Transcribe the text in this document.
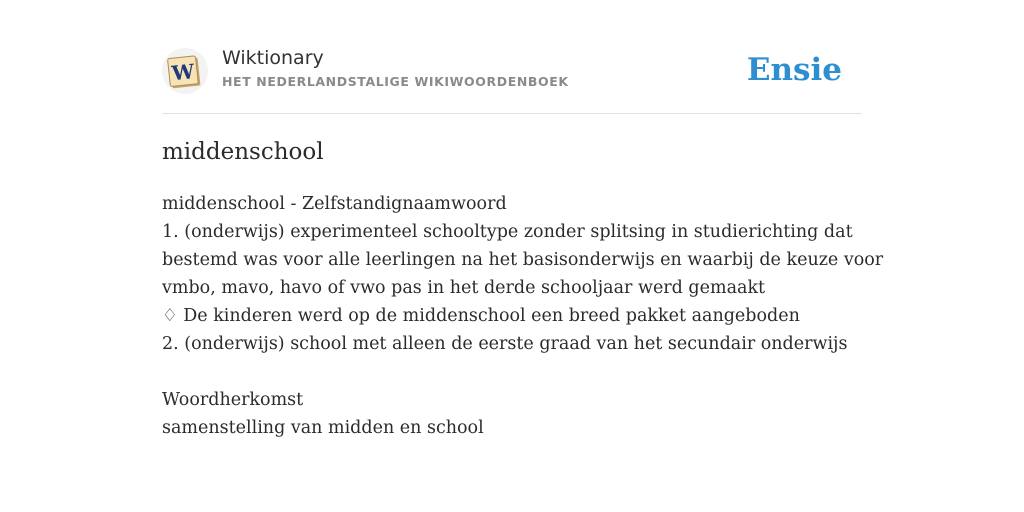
W
Wiktionary
HET NEDERLANDSTALIGE WIKIWOORDENBOEK	Ensie
middenschool
middenschool - Zelfstandignaamwoord
1. (onderwijs) experimenteel schooltype zonder splitsing in studierichting dat
bestemd was voor alle leerlingen na het basisonderwijs en waarbij de keuze voor
vmbo, mavo, havo of vwo pas in het derde schooljaar werd gemaakt
♢ De kinderen werd op de middenschool een breed pakket aangeboden
2. (onderwijs) school met alleen de eerste graad van het secundair onderwijs
Woordherkomst
samenstelling van midden en school
